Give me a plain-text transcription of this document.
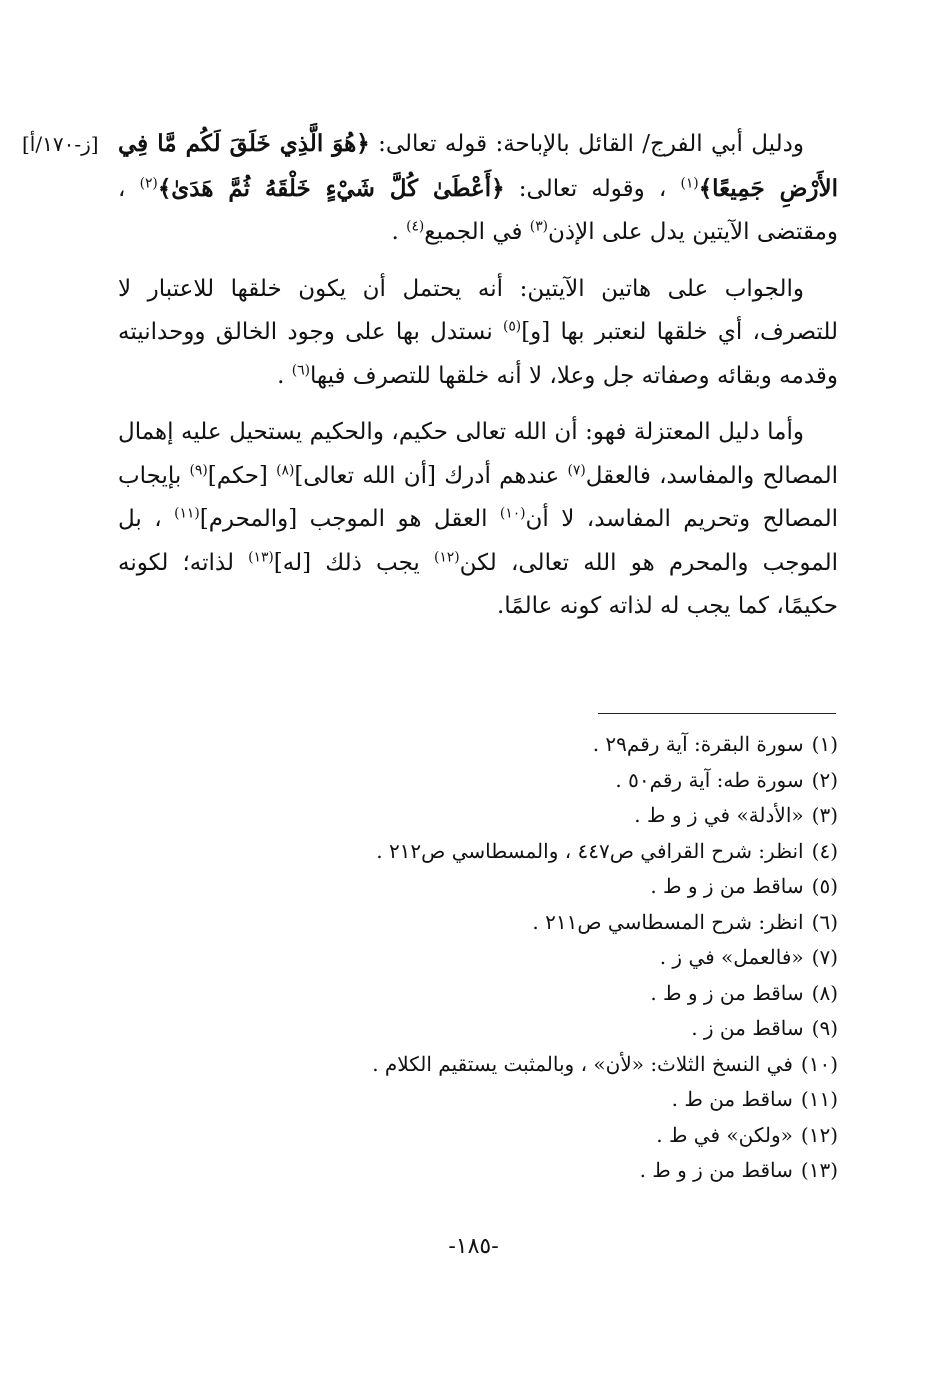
[ز-١٧٠/أ]	ودليل أبي الفرج/ القائل بالإباحة: قوله تعالى: ﴿هُوَ الَّذِي خَلَقَ لَكُم مَّا فِي الأَرْضِ جَمِيعًا﴾$^{(١)}$ ، وقوله تعالى: ﴿أَعْطَىٰ كُلَّ شَيْءٍ خَلْقَهُ ثُمَّ هَدَىٰ﴾$^{(٢)}$ ، ومقتضى الآيتين يدل على الإذن$^{(٣)}$ في الجميع$^{(٤)}$ .

والجواب على هاتين الآيتين: أنه يحتمل أن يكون خلقها للاعتبار لا للتصرف، أي خلقها لنعتبر بها [و]$^{(٥)}$ نستدل بها على وجود الخالق ووحدانيته وقدمه وبقائه وصفاته جل وعلا، لا أنه خلقها للتصرف فيها$^{(٦)}$ .

وأما دليل المعتزلة فهو: أن الله تعالى حكيم، والحكيم يستحيل عليه إهمال المصالح والمفاسد، فالعقل$^{(٧)}$ عندهم أدرك [أن الله تعالى]$^{(٨)}$ [حكم]$^{(٩)}$ بإيجاب المصالح وتحريم المفاسد، لا أن$^{(١٠)}$ العقل هو الموجب [والمحرم]$^{(١١)}$ ، بل الموجب والمحرم هو الله تعالى، لكن$^{(١٢)}$ يجب ذلك [له]$^{(١٣)}$ لذاته؛ لكونه حكيمًا، كما يجب له لذاته كونه عالمًا.

(١)سورة البقرة: آية رقم٢٩ .
(٢)سورة طه: آية رقم٥٠ .
(٣)«الأدلة» في ز و ط .
(٤)انظر: شرح القرافي ص٤٤٧ ، والمسطاسي ص٢١٢ .
(٥)ساقط من ز و ط .
(٦)انظر: شرح المسطاسي ص٢١١ .
(٧)«فالعمل» في ز .
(٨)ساقط من ز و ط .
(٩)ساقط من ز .
(١٠)في النسخ الثلاث: «لأن» ، وبالمثبت يستقيم الكلام .
(١١)ساقط من ط .
(١٢)«ولكن» في ط .
(١٣)ساقط من ز و ط .
-١٨٥-
